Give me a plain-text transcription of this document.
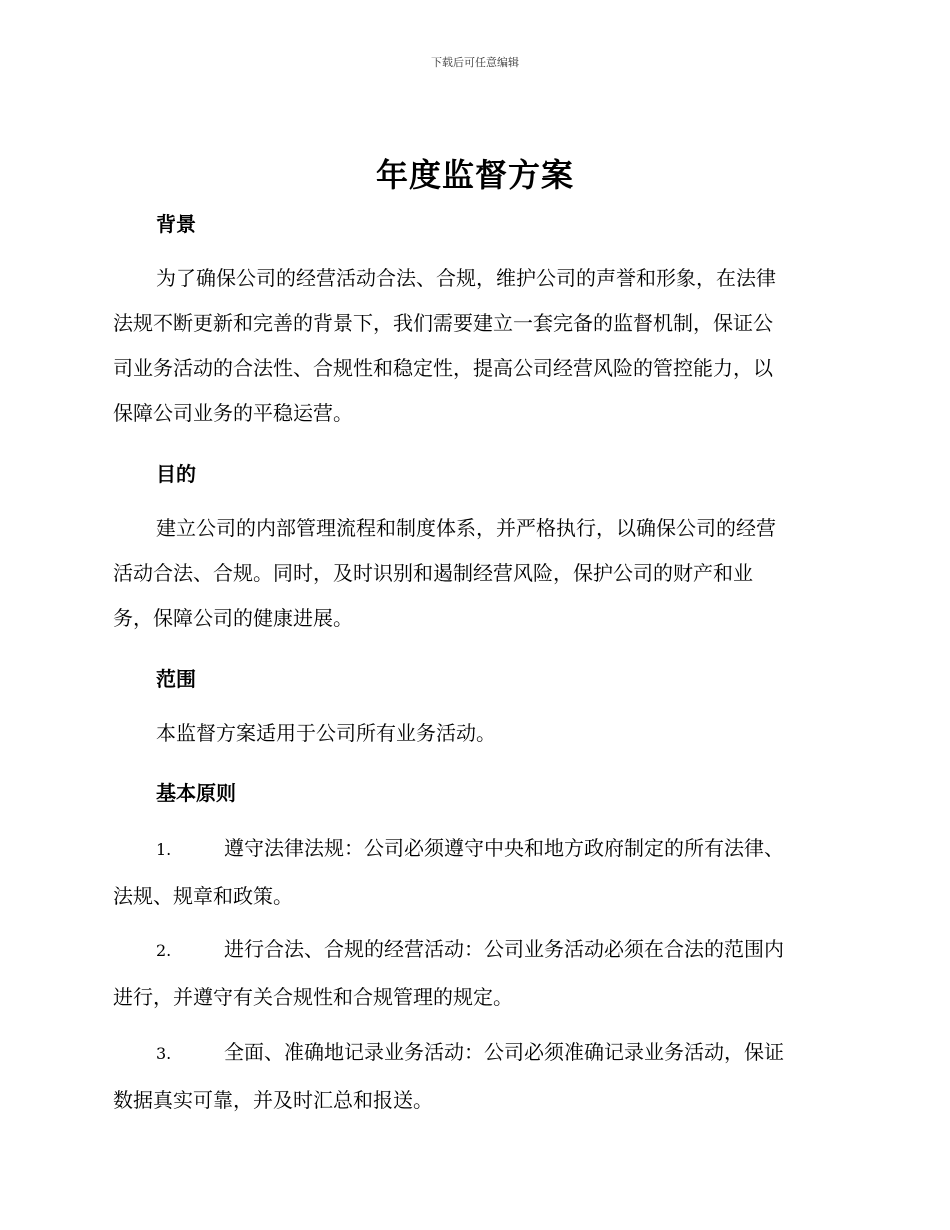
下载后可任意编辑
年度监督方案
背景
为了确保公司的经营活动合法、合规，维护公司的声誉和形象，在法律
法规不断更新和完善的背景下，我们需要建立一套完备的监督机制，保证公
司业务活动的合法性、合规性和稳定性，提高公司经营风险的管控能力，以
保障公司业务的平稳运营。
目的
建立公司的内部管理流程和制度体系，并严格执行，以确保公司的经营
活动合法、合规。同时，及时识别和遏制经营风险，保护公司的财产和业
务，保障公司的健康进展。
范围
本监督方案适用于公司所有业务活动。
基本原则
1.	遵守法律法规：公司必须遵守中央和地方政府制定的所有法律、
法规、规章和政策。
2.	进行合法、合规的经营活动：公司业务活动必须在合法的范围内
进行，并遵守有关合规性和合规管理的规定。
3.	全面、准确地记录业务活动：公司必须准确记录业务活动，保证
数据真实可靠，并及时汇总和报送。
